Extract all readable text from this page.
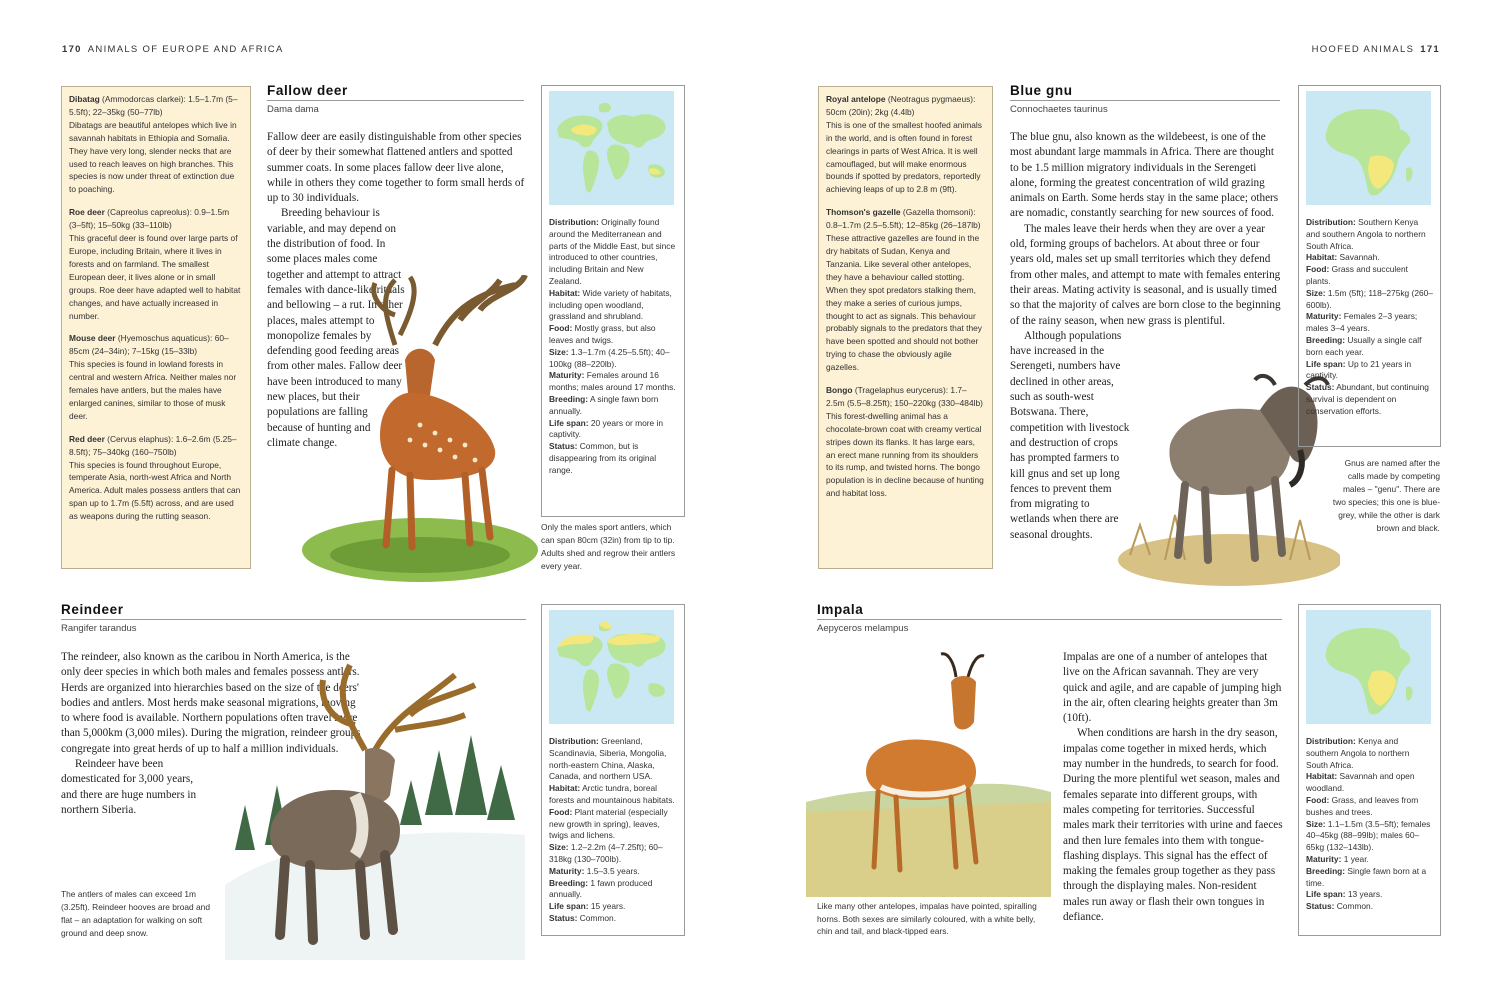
170 ANIMALS OF EUROPE AND AFRICA	HOOFED ANIMALS 171

Dibatag (Ammodorcas clarkei): 1.5–1.7m (5–5.5ft); 22–35kg (50–77lb)
Dibatags are beautiful antelopes which live in savannah habitats in Ethiopia and Somalia. They have very long, slender necks that are used to reach leaves on high branches. This species is now under threat of extinction due to poaching.

Roe deer (Capreolus capreolus): 0.9–1.5m (3–5ft); 15–50kg (33–110lb)
This graceful deer is found over large parts of Europe, including Britain, where it lives in forests and on farmland. The smallest European deer, it lives alone or in small groups. Roe deer have adapted well to habitat changes, and have actually increased in number.

Mouse deer (Hyemoschus aquaticus): 60–85cm (24–34in); 7–15kg (15–33lb)
This species is found in lowland forests in central and western Africa. Neither males nor females have antlers, but the males have enlarged canines, similar to those of musk deer.

Red deer (Cervus elaphus): 1.6–2.6m (5.25–8.5ft); 75–340kg (160–750lb)
This species is found throughout Europe, temperate Asia, north-west Africa and North America. Adult males possess antlers that can span up to 1.7m (5.5ft) across, and are used as weapons during the rutting season.

Fallow deer
Dama dama

Fallow deer are easily distinguishable from other species of deer by their somewhat flattened antlers and spotted summer coats. In some places fallow deer live alone, while in others they come together to form small herds of up to 30 individuals.

Breeding behaviour is variable, and may depend on the distribution of food. In some places males come together and attempt to attract females with dance-like rituals and bellowing – a rut. In other places, males attempt to monopolize females by defending good feeding areas from other males. Fallow deer have been introduced to many new places, but their populations are falling because of hunting and climate change.

Distribution: Originally found around the Mediterranean and parts of the Middle East, but since introduced to other countries, including Britain and New Zealand.
Habitat: Wide variety of habitats, including open woodland, grassland and shrubland.
Food: Mostly grass, but also leaves and twigs.
Size: 1.3–1.7m (4.25–5.5ft); 40–100kg (88–220lb).
Maturity: Females around 16 months; males around 17 months.
Breeding: A single fawn born annually.
Life span: 20 years or more in captivity.
Status: Common, but is disappearing from its original range.
Only the males sport antlers, which can span 80cm (32in) from tip to tip. Adults shed and regrow their antlers every year.

Royal antelope (Neotragus pygmaeus): 50cm (20in); 2kg (4.4lb)
This is one of the smallest hoofed animals in the world, and is often found in forest clearings in parts of West Africa. It is well camouflaged, but will make enormous bounds if spotted by predators, reportedly achieving leaps of up to 2.8 m (9ft).

Thomson's gazelle (Gazella thomsoni): 0.8–1.7m (2.5–5.5ft); 12–85kg (26–187lb)
These attractive gazelles are found in the dry habitats of Sudan, Kenya and Tanzania. Like several other antelopes, they have a behaviour called stotting. When they spot predators stalking them, they make a series of curious jumps, thought to act as signals. This behaviour probably signals to the predators that they have been spotted and should not bother trying to chase the obviously agile gazelles.

Bongo (Tragelaphus eurycerus): 1.7–2.5m (5.5–8.25ft); 150–220kg (330–484lb)
This forest-dwelling animal has a chocolate-brown coat with creamy vertical stripes down its flanks. It has large ears, an erect mane running from its shoulders to its rump, and twisted horns. The bongo population is in decline because of hunting and habitat loss.

Blue gnu
Connochaetes taurinus

The blue gnu, also known as the wildebeest, is one of the most abundant large mammals in Africa. There are thought to be 1.5 million migratory individuals in the Serengeti alone, forming the greatest concentration of wild grazing animals on Earth. Some herds stay in the same place; others are nomadic, constantly searching for new sources of food.

The males leave their herds when they are over a year old, forming groups of bachelors. At about three or four years old, males set up small territories which they defend from other males, and attempt to mate with females entering their areas. Mating activity is seasonal, and is usually timed so that the majority of calves are born close to the beginning of the rainy season, when new grass is plentiful.

Although populations have increased in the Serengeti, numbers have declined in other areas, such as south-west Botswana. There, competition with livestock and destruction of crops has prompted farmers to kill gnus and set up long fences to prevent them from migrating to wetlands when there are seasonal droughts.

Distribution: Southern Kenya and southern Angola to northern South Africa.
Habitat: Savannah.
Food: Grass and succulent plants.
Size: 1.5m (5ft); 118–275kg (260–600lb).
Maturity: Females 2–3 years; males 3–4 years.
Breeding: Usually a single calf born each year.
Life span: Up to 21 years in captivity.
Status: Abundant, but continuing survival is dependent on conservation efforts.
Gnus are named after the calls made by competing males – "genu". There are two species; this one is blue-grey, while the other is dark brown and black.
Reindeer
Rangifer tarandus

The reindeer, also known as the caribou in North America, is the only deer species in which both males and females possess antlers. Herds are organized into hierarchies based on the size of the deers' bodies and antlers. Most herds make seasonal migrations, moving to where food is available. Northern populations often travel more than 5,000km (3,000 miles). During the migration, reindeer groups congregate into great herds of up to half a million individuals.

Reindeer have been domesticated for 3,000 years, and there are huge numbers in northern Siberia.

The antlers of males can exceed 1m (3.25ft). Reindeer hooves are broad and flat – an adaptation for walking on soft ground and deep snow.
Distribution: Greenland, Scandinavia, Siberia, Mongolia, north-eastern China, Alaska, Canada, and northern USA.
Habitat: Arctic tundra, boreal forests and mountainous habitats.
Food: Plant material (especially new growth in spring), leaves, twigs and lichens.
Size: 1.2–2.2m (4–7.25ft); 60–318kg (130–700lb).
Maturity: 1.5–3.5 years.
Breeding: 1 fawn produced annually.
Life span: 15 years.
Status: Common.
Impala
Aepyceros melampus
Like many other antelopes, impalas have pointed, spiralling horns. Both sexes are similarly coloured, with a white belly, chin and tail, and black-tipped ears.

Impalas are one of a number of antelopes that live on the African savannah. They are very quick and agile, and are capable of jumping high in the air, often clearing heights greater than 3m (10ft).

When conditions are harsh in the dry season, impalas come together in mixed herds, which may number in the hundreds, to search for food. During the more plentiful wet season, males and females separate into different groups, with males competing for territories. Successful males mark their territories with urine and faeces and then lure females into them with tongue-flashing displays. This signal has the effect of making the females group together as they pass through the displaying males. Non-resident males run away or flash their own tongues in defiance.

Distribution: Kenya and southern Angola to northern South Africa.
Habitat: Savannah and open woodland.
Food: Grass, and leaves from bushes and trees.
Size: 1.1–1.5m (3.5–5ft); females 40–45kg (88–99lb); males 60–65kg (132–143lb).
Maturity: 1 year.
Breeding: Single fawn born at a time.
Life span: 13 years.
Status: Common.
